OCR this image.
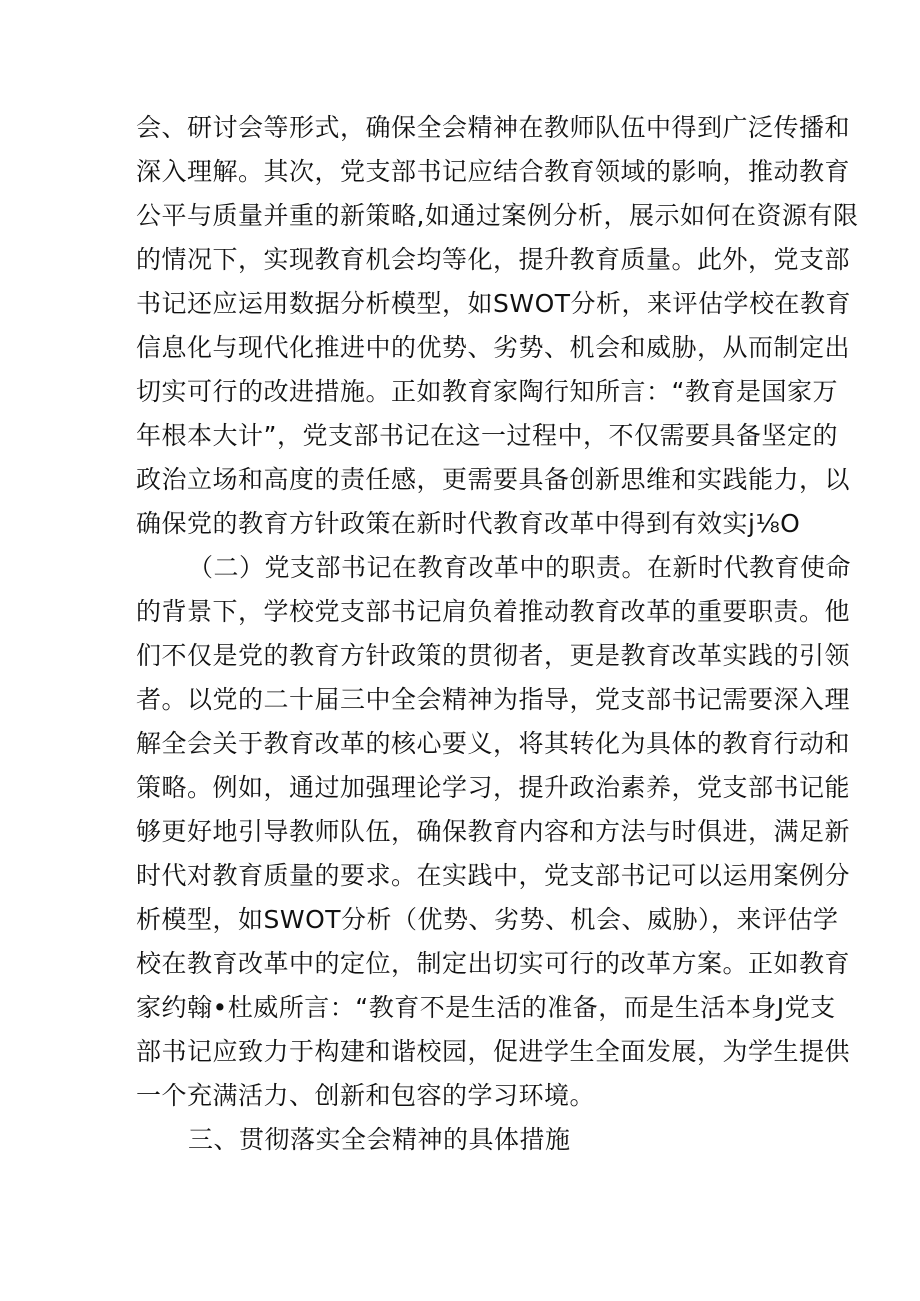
会、研讨会等形式，确保全会精神在教师队伍中得到广泛传播和
深入理解。其次，党支部书记应结合教育领域的影响，推动教育
公平与质量并重的新策略,如通过案例分析，展示如何在资源有限
的情况下，实现教育机会均等化，提升教育质量。此外，党支部
书记还应运用数据分析模型，如SWOT分析，来评估学校在教育
信息化与现代化推进中的优势、劣势、机会和威胁，从而制定出
切实可行的改进措施。正如教育家陶行知所言：“教育是国家万
年根本大计”，党支部书记在这一过程中，不仅需要具备坚定的
政治立场和高度的责任感，更需要具备创新思维和实践能力，以
确保党的教育方针政策在新时代教育改革中得到有效实j⅛O
（二）党支部书记在教育改革中的职责。在新时代教育使命
的背景下，学校党支部书记肩负着推动教育改革的重要职责。他
们不仅是党的教育方针政策的贯彻者，更是教育改革实践的引领
者。以党的二十届三中全会精神为指导，党支部书记需要深入理
解全会关于教育改革的核心要义，将其转化为具体的教育行动和
策略。例如，通过加强理论学习，提升政治素养，党支部书记能
够更好地引导教师队伍，确保教育内容和方法与时俱进，满足新
时代对教育质量的要求。在实践中，党支部书记可以运用案例分
析模型，如SWOT分析（优势、劣势、机会、威胁），来评估学
校在教育改革中的定位，制定出切实可行的改革方案。正如教育
家约翰•杜威所言：“教育不是生活的准备，而是生活本身J党支
部书记应致力于构建和谐校园，促进学生全面发展，为学生提供
一个充满活力、创新和包容的学习环境。
三、贯彻落实全会精神的具体措施
